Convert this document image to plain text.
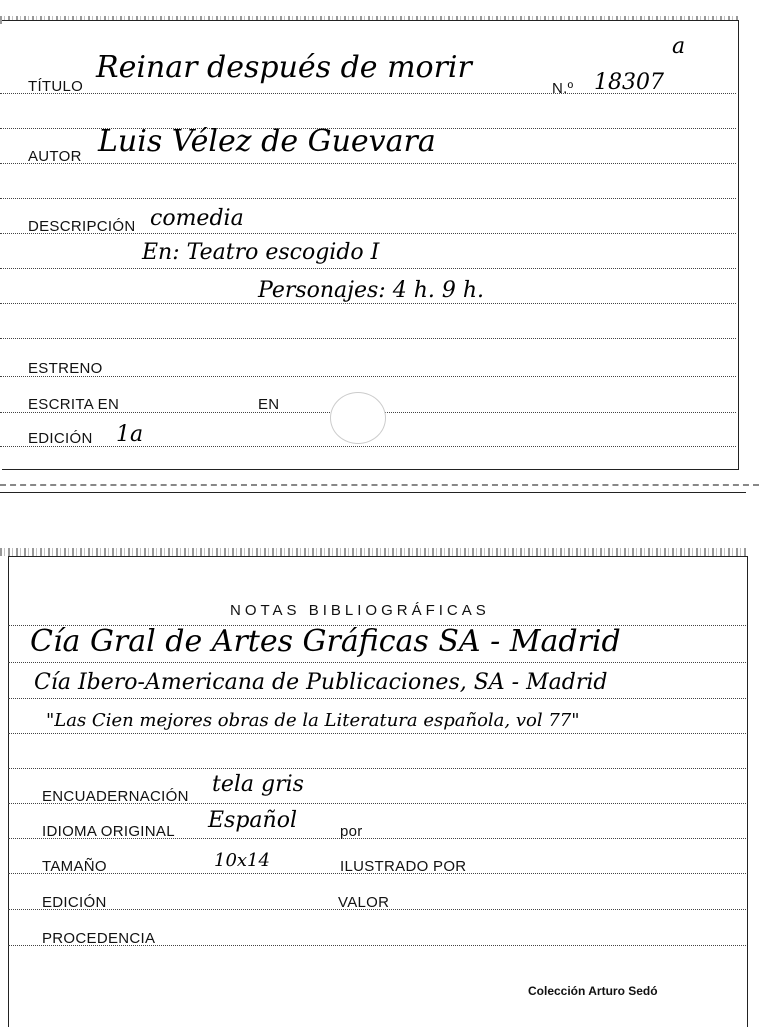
TÍTULO
Reinar después de morir
N.º 18307
a
AUTOR Luis Vélez de Guevara
DESCRIPCIÓN comedia
En: Teatro escogido I
Personajes: 4 h. 9 h.
ESTRENO
ESCRITA EN	EN
EDICIÓN 1a
NOTAS BIBLIOGRÁFICAS
Cía Gral de Artes Gráficas SA - Madrid
Cía Ibero-Americana de Publicaciones, SA - Madrid
"Las Cien mejores obras de la Literatura española, vol 77"
ENCUADERNACIÓN tela gris
IDIOMA ORIGINAL Español	por
TAMAÑO	10x14	ILUSTRADO POR
EDICIÓN	VALOR
PROCEDENCIA
Colección Arturo Sedó
